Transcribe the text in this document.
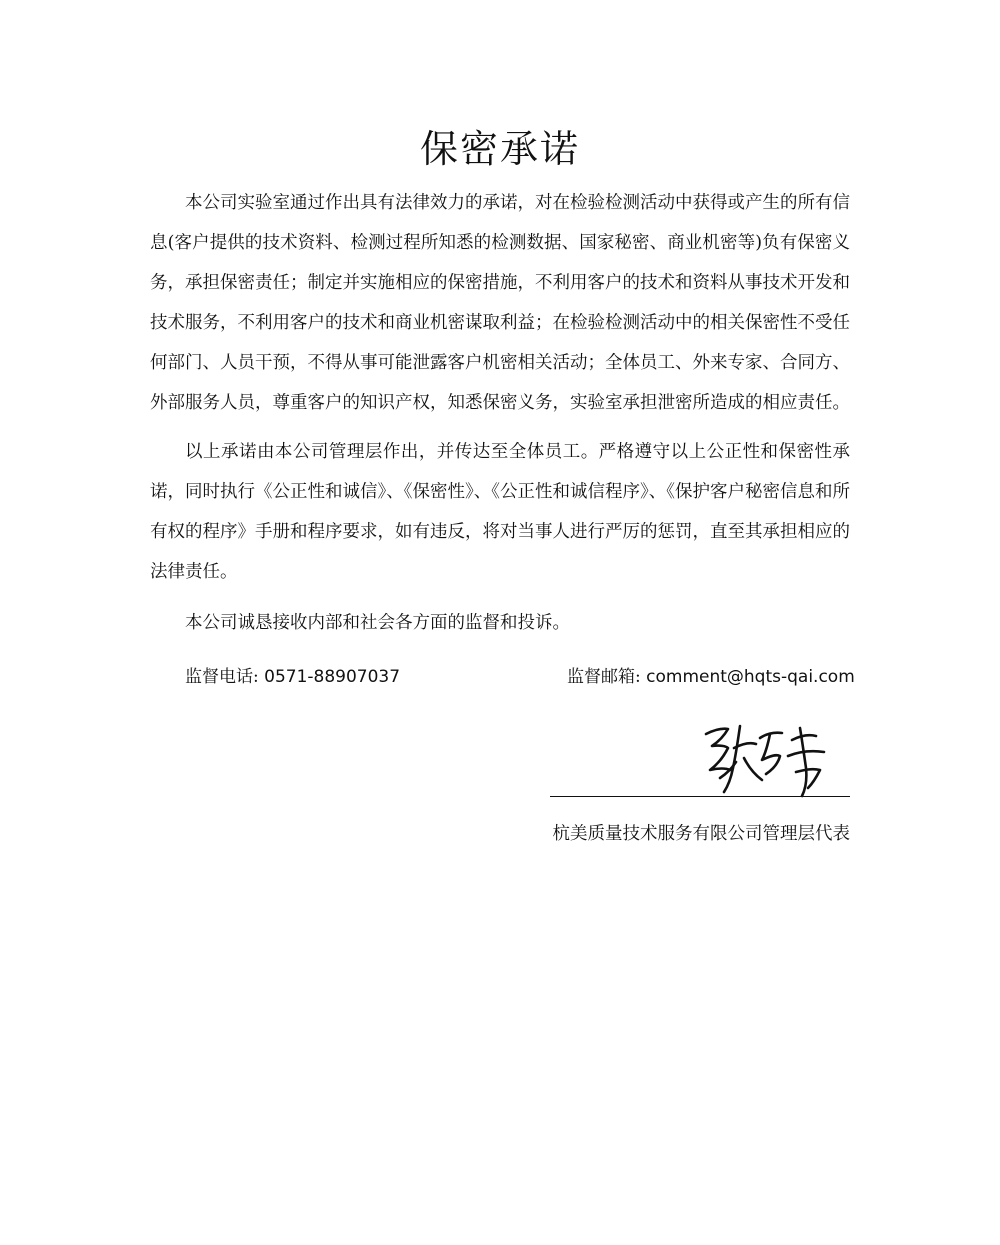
保密承诺

本公司实验室通过作出具有法律效力的承诺，对在检验检测活动中获得或产生的所有信息(客户提供的技术资料、检测过程所知悉的检测数据、国家秘密、商业机密等)负有保密义务，承担保密责任；制定并实施相应的保密措施，不利用客户的技术和资料从事技术开发和技术服务，不利用客户的技术和商业机密谋取利益；在检验检测活动中的相关保密性不受任何部门、人员干预，不得从事可能泄露客户机密相关活动；全体员工、外来专家、合同方、外部服务人员，尊重客户的知识产权，知悉保密义务，实验室承担泄密所造成的相应责任。

以上承诺由本公司管理层作出，并传达至全体员工。严格遵守以上公正性和保密性承诺，同时执行《公正性和诚信》、《保密性》、《公正性和诚信程序》、《保护客户秘密信息和所有权的程序》手册和程序要求，如有违反，将对当事人进行严厉的惩罚，直至其承担相应的法律责任。

本公司诚恳接收内部和社会各方面的监督和投诉。

监督电话: 0571-88907037	监督邮箱: comment@hqts-qai.com
杭美质量技术服务有限公司管理层代表
